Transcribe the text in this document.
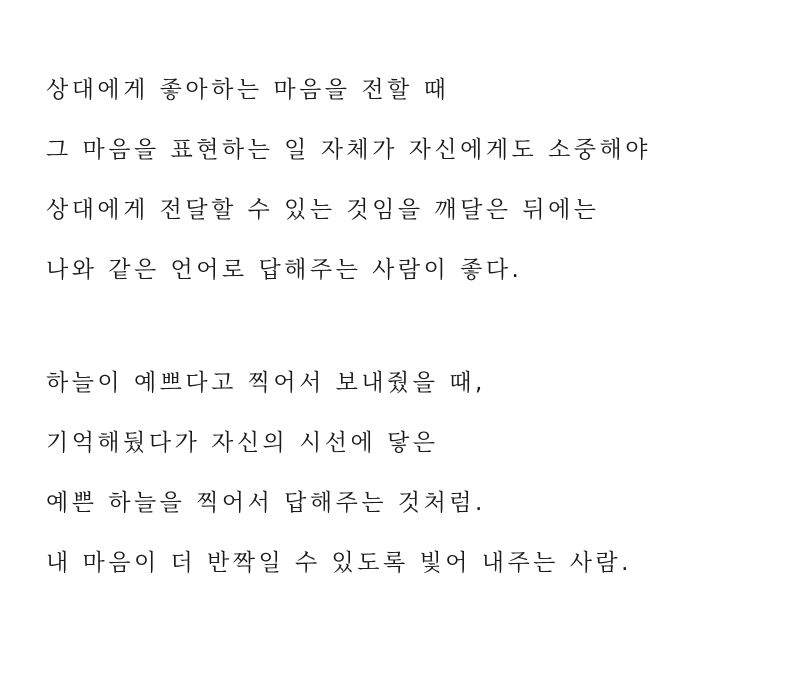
상대에게 좋아하는 마음을 전할 때
그 마음을 표현하는 일 자체가 자신에게도 소중해야
상대에게 전달할 수 있는 것임을 깨달은 뒤에는
나와 같은 언어로 답해주는 사람이 좋다.
하늘이 예쁘다고 찍어서 보내줬을 때,
기억해뒀다가 자신의 시선에 닿은
예쁜 하늘을 찍어서 답해주는 것처럼.
내 마음이 더 반짝일 수 있도록 빛어 내주는 사람.
